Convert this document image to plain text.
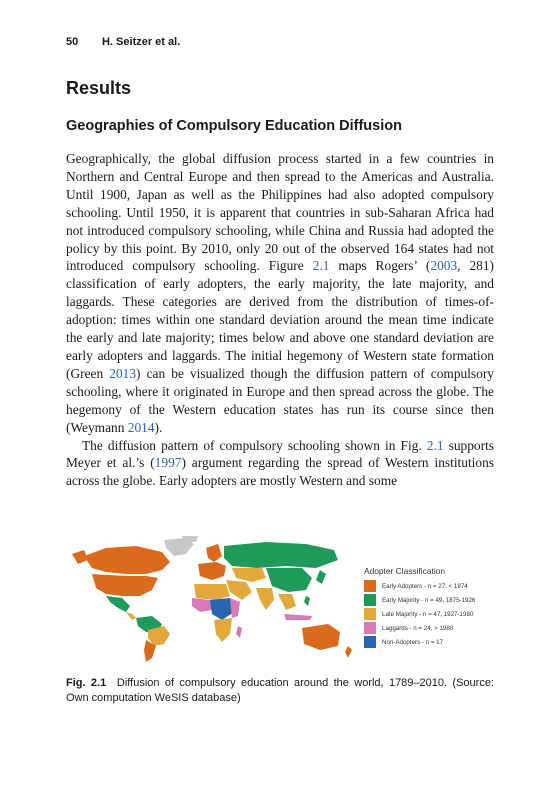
50 H. Seitzer et al.
Results
Geographies of Compulsory Education Diffusion

Geographically, the global diffusion process started in a few countries in Northern and Central Europe and then spread to the Americas and Australia. Until 1900, Japan as well as the Philippines had also adopted compulsory schooling. Until 1950, it is apparent that countries in sub-Saharan Africa had not introduced compulsory schooling, while China and Russia had adopted the policy by this point. By 2010, only 20 out of the observed 164 states had not introduced compulsory schooling. Figure 2.1 maps Rogers’ (2003, 281) classification of early adopters, the early majority, the late majority, and laggards. These categories are derived from the distribution of times-of-adoption: times within one standard deviation around the mean time indicate the early and late majority; times below and above one standard deviation are early adopters and laggards. The initial hegemony of Western state formation (Green 2013) can be visualized though the diffusion pattern of compulsory schooling, where it originated in Europe and then spread across the globe. The hegemony of the Western education states has run its course since then (Weymann 2014).

The diffusion pattern of compulsory schooling shown in Fig. 2.1 supports Meyer et al.’s (1997) argument regarding the spread of Western institutions across the globe. Early adopters are mostly Western and some

Adopter Classification
Early Adopters - n = 27, < 1874
Early Majority - n = 49, 1875-1926
Late Majority - n = 47, 1927-1980
Laggards - n = 24, > 1980
Non-Adopters - n = 17
Fig. 2.1 Diffusion of compulsory education around the world, 1789–2010. (Source: Own computation WeSIS database)
